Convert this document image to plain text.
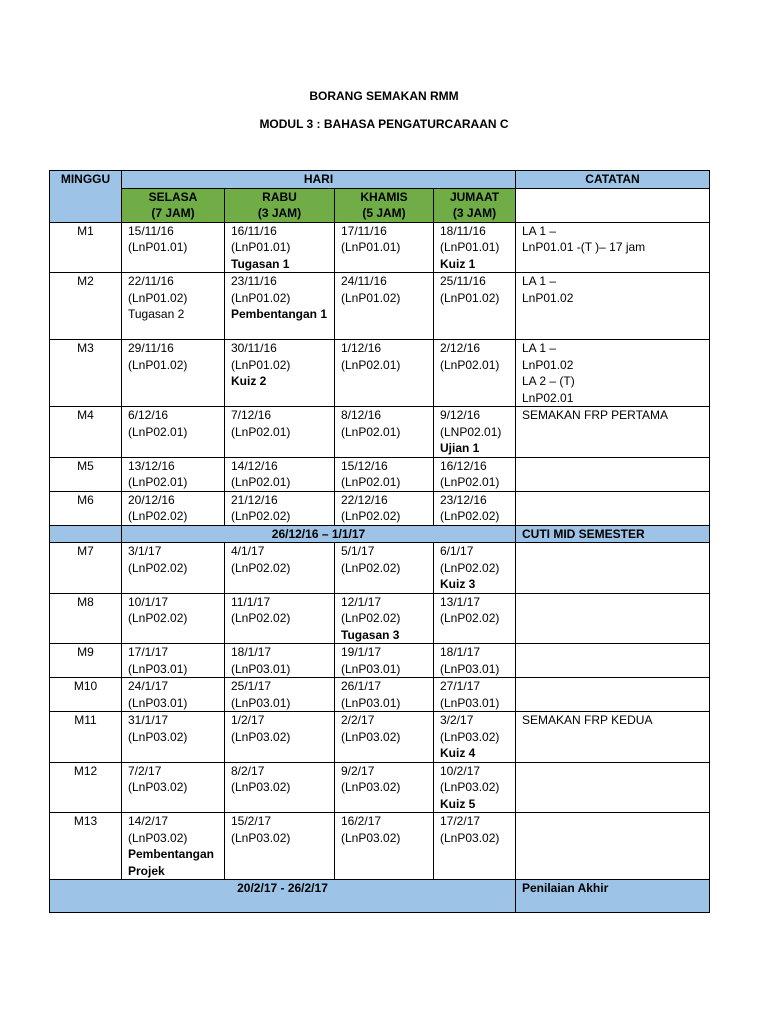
BORANG SEMAKAN RMM
MODUL 3 : BAHASA PENGATURCARAAN C
MINGGU	HARI				CATATAN

	SELASA
(7 JAM)	RABU
(3 JAM)	KHAMIS
(5 JAM)	JUMAAT
(3 JAM)	

M1	15/11/16
(LnP01.01)	16/11/16
(LnP01.01)
Tugasan 1	17/11/16
(LnP01.01)	18/11/16
(LnP01.01)
Kuiz 1	LA 1 –
LnP01.01 -(T )– 17 jam

M2	22/11/16
(LnP01.02)
Tugasan 2	23/11/16
(LnP01.02)
Pembentangan 1	24/11/16
(LnP01.02)	25/11/16
(LnP01.02)	LA 1 –
LnP01.02

M3	29/11/16
(LnP01.02)	30/11/16
(LnP01.02)
Kuiz 2	1/12/16
(LnP02.01)	2/12/16
(LnP02.01)	LA 1 –
LnP01.02
LA 2 – (T)
LnP02.01

M4	6/12/16
(LnP02.01)	7/12/16
(LnP02.01)	8/12/16
(LnP02.01)	9/12/16
(LNP02.01)
Ujian 1	SEMAKAN FRP PERTAMA

M5	13/12/16
(LnP02.01)	14/12/16
(LnP02.01)	15/12/16
(LnP02.01)	16/12/16
(LnP02.01)	

M6	20/12/16
(LnP02.02)	21/12/16
(LnP02.02)	22/12/16
(LnP02.02)	23/12/16
(LnP02.02)	

	26/12/16 – 1/1/17				CUTI MID SEMESTER
M7	3/1/17
(LnP02.02)	4/1/17
(LnP02.02)	5/1/17
(LnP02.02)	6/1/17
(LnP02.02)
Kuiz 3	

M8	10/1/17
(LnP02.02)	11/1/17
(LnP02.02)	12/1/17
(LnP02.02)
Tugasan 3	13/1/17
(LnP02.02)	

M9	17/1/17
(LnP03.01)	18/1/17
(LnP03.01)	19/1/17
(LnP03.01)	18/1/17
(LnP03.01)	

M10	24/1/17
(LnP03.01)	25/1/17
(LnP03.01)	26/1/17
(LnP03.01)	27/1/17
(LnP03.01)	

M11	31/1/17
(LnP03.02)	1/2/17
(LnP03.02)	2/2/17
(LnP03.02)	3/2/17
(LnP03.02)
Kuiz 4	SEMAKAN FRP KEDUA

M12	7/2/17
(LnP03.02)	8/2/17
(LnP03.02)	9/2/17
(LnP03.02)	10/2/17
(LnP03.02)
Kuiz 5	

M13	14/2/17
(LnP03.02)
Pembentangan Projek	15/2/17
(LnP03.02)	16/2/17
(LnP03.02)	17/2/17
(LnP03.02)	

20/2/17 - 26/2/17					Penilaian Akhir
